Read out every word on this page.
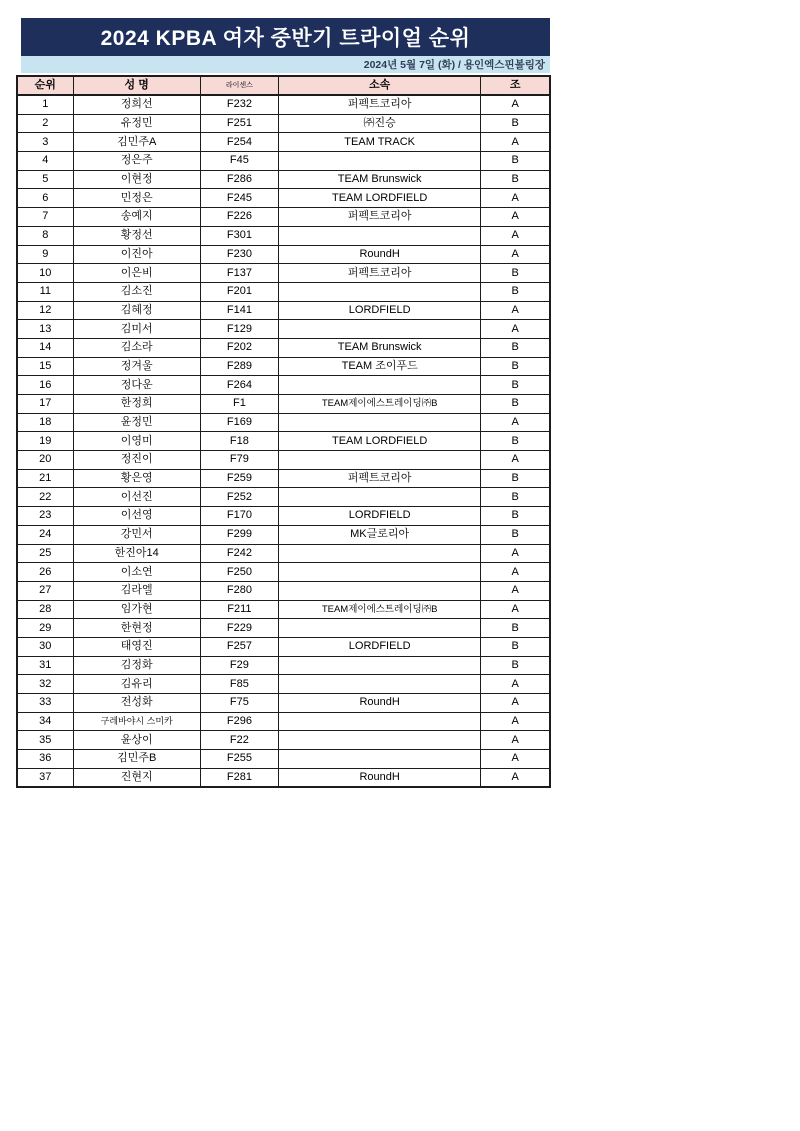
2024 KPBA 여자 중반기 트라이얼 순위
2024년 5월 7일 (화) / 용인엑스핀볼링장
순위	성 명	라이센스	소속	조
1	정희선	F232	퍼펙트코리아	A
2	유정민	F251	㈜진승	B
3	김민주A	F254	TEAM TRACK	A
4	정은주	F45		B
5	이현정	F286	TEAM Brunswick	B
6	민정은	F245	TEAM LORDFIELD	A
7	송예지	F226	퍼펙트코리아	A
8	황정선	F301		A
9	이진아	F230	RoundH	A
10	이은비	F137	퍼펙트코리아	B
11	김소진	F201		B
12	김혜정	F141	LORDFIELD	A
13	김미서	F129		A
14	김소라	F202	TEAM Brunswick	B
15	정겨울	F289	TEAM 조이푸드	B
16	정다운	F264		B
17	한정희	F1	TEAM제이에스트레이딩㈜B	B
18	윤정민	F169		A
19	이영미	F18	TEAM LORDFIELD	B
20	정진이	F79		A
21	황은영	F259	퍼펙트코리아	B
22	이선진	F252		B
23	이선영	F170	LORDFIELD	B
24	강민서	F299	MK글로리아	B
25	한진아14	F242		A
26	이소연	F250		A
27	김라엘	F280		A
28	임가현	F211	TEAM제이에스트레이딩㈜B	A
29	한현정	F229		B
30	태영진	F257	LORDFIELD	B
31	김정화	F29		B
32	김유리	F85		A
33	전성화	F75	RoundH	A
34	구레바야시 스미카	F296		A
35	윤상이	F22		A
36	김민주B	F255		A
37	진현지	F281	RoundH	A
